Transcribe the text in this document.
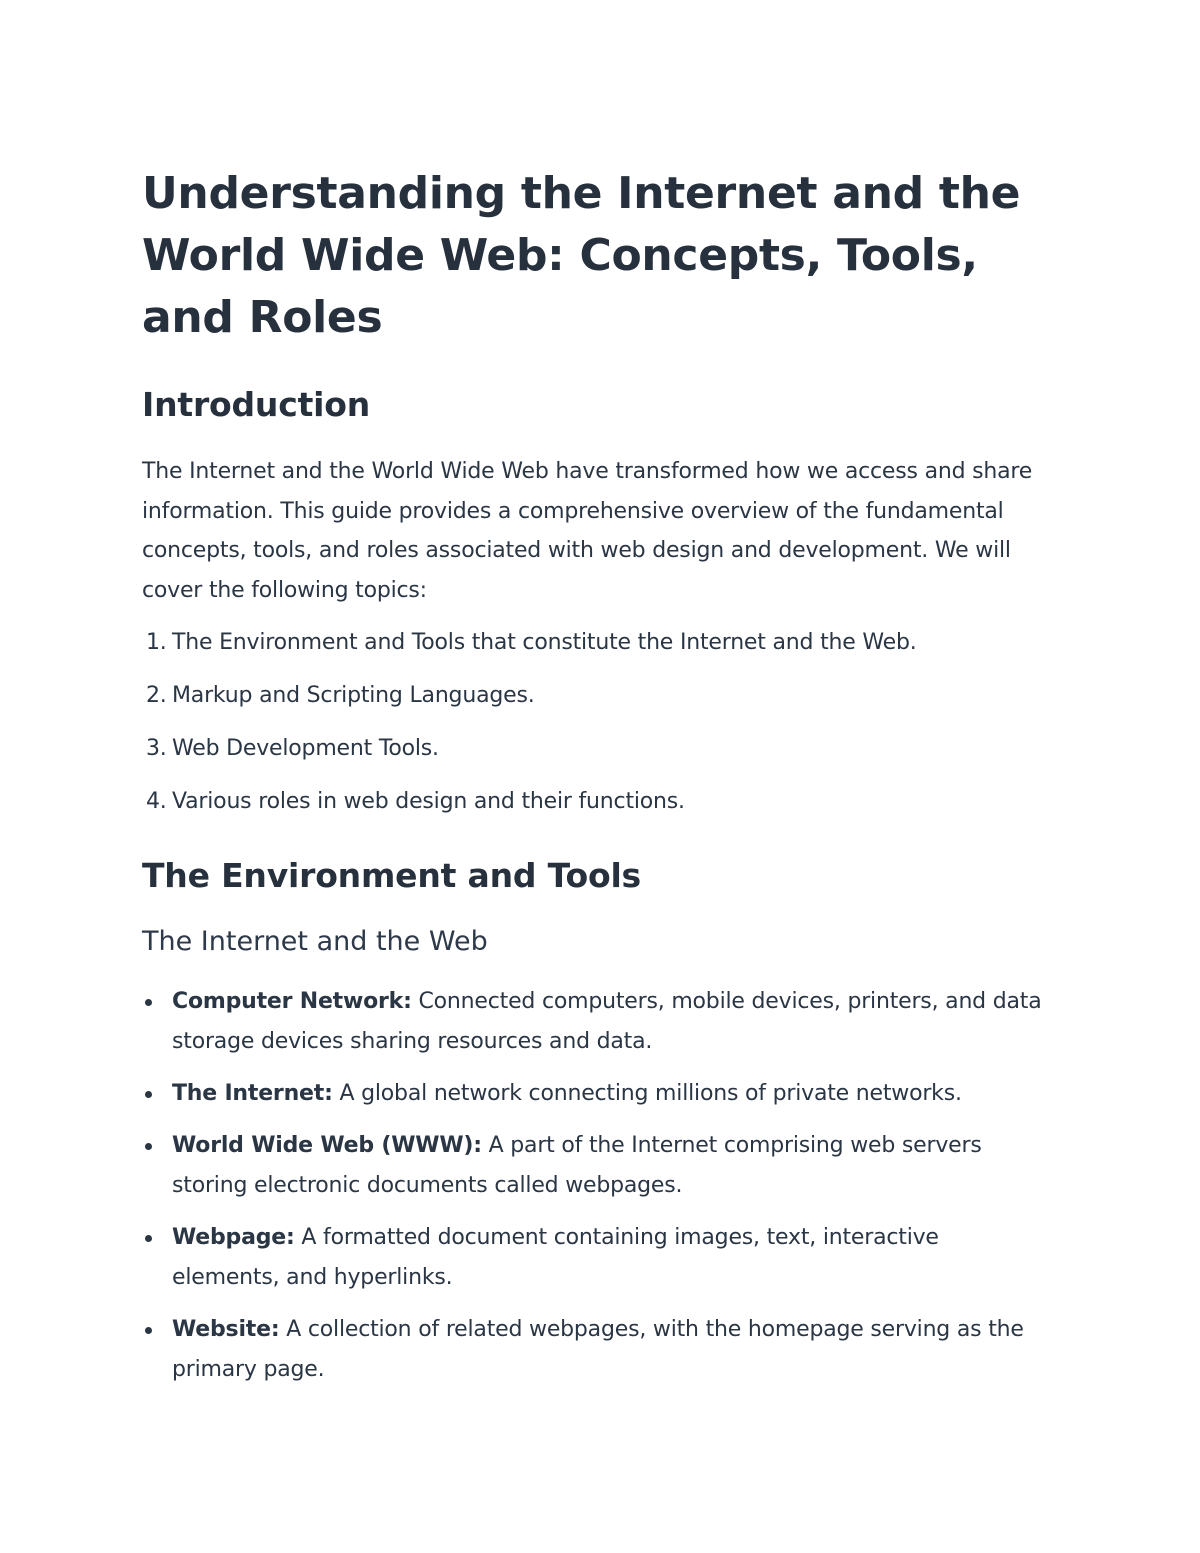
Understanding the Internet and the World Wide Web: Concepts, Tools, and Roles
Introduction

The Internet and the World Wide Web have transformed how we access and share information. This guide provides a comprehensive overview of the fundamental concepts, tools, and roles associated with web design and development. We will cover the following topics:

1. The Environment and Tools that constitute the Internet and the Web.
2. Markup and Scripting Languages.
3. Web Development Tools.
4. Various roles in web design and their functions.
The Environment and Tools
The Internet and the Web
Computer Network: Connected computers, mobile devices, printers, and data storage devices sharing resources and data.
The Internet: A global network connecting millions of private networks.
World Wide Web (WWW): A part of the Internet comprising web servers storing electronic documents called webpages.
Webpage: A formatted document containing images, text, interactive elements, and hyperlinks.
Website: A collection of related webpages, with the homepage serving as the primary page.
